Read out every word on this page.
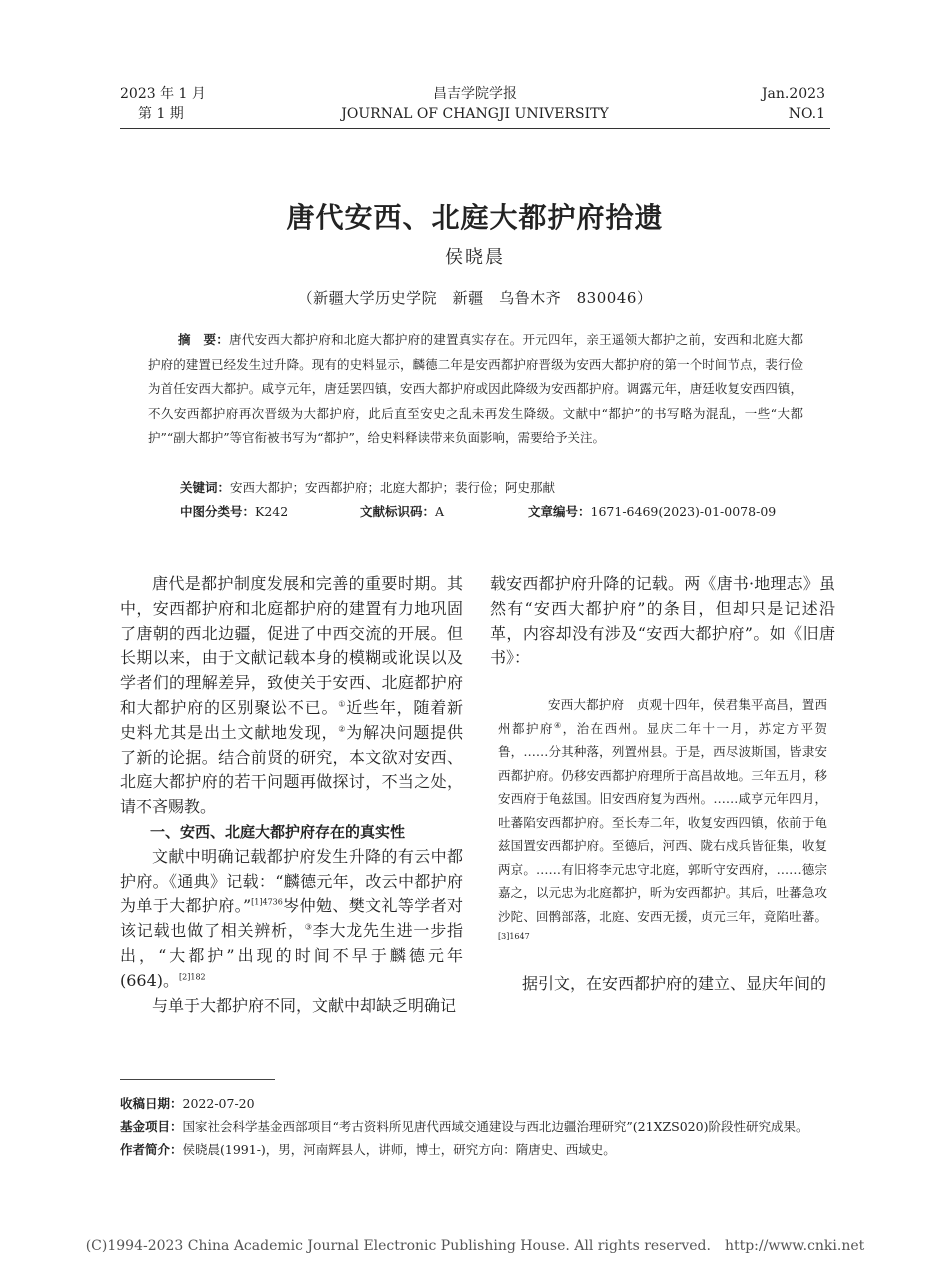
2023 年 1 月
第 1 期
昌吉学院学报
JOURNAL OF CHANGJI UNIVERSITY
Jan.2023
NO.1
唐代安西、北庭大都护府拾遗
侯晓晨
（新疆大学历史学院　新疆　乌鲁木齐　830046）
摘　要：唐代安西大都护府和北庭大都护府的建置真实存在。开元四年，亲王遥领大都护之前，安西和北庭大都护府的建置已经发生过升降。现有的史料显示，麟德二年是安西都护府晋级为安西大都护府的第一个时间节点，裴行俭为首任安西大都护。咸亨元年，唐廷罢四镇，安西大都护府或因此降级为安西都护府。调露元年，唐廷收复安西四镇，不久安西都护府再次晋级为大都护府，此后直至安史之乱未再发生降级。文献中“都护”的书写略为混乱，一些“大都护”“副大都护”等官衔被书写为“都护”，给史料释读带来负面影响，需要给予关注。
关键词：安西大都护；安西都护府；北庭大都护；裴行俭；阿史那献
中图分类号：K242	文献标识码：A	文章编号：1671-6469(2023)-01-0078-09

唐代是都护制度发展和完善的重要时期。其中，安西都护府和北庭都护府的建置有力地巩固了唐朝的西北边疆，促进了中西交流的开展。但长期以来，由于文献记载本身的模糊或讹误以及学者们的理解差异，致使关于安西、北庭都护府和大都护府的区别聚讼不已。①近些年，随着新史料尤其是出土文献地发现，②为解决问题提供了新的论据。结合前贤的研究，本文欲对安西、北庭大都护府的若干问题再做探讨，不当之处，请不吝赐教。

一、安西、北庭大都护府存在的真实性

文献中明确记载都护府发生升降的有云中都护府。《通典》记载：“麟德元年，改云中都护府为单于大都护府。”$^{[1]4736}$岑仲勉、樊文礼等学者对该记载也做了相关辨析，③李大龙先生进一步指出，“大都护”出现的时间不早于麟德元年(664)。$^{[2]182}$

与单于大都护府不同，文献中却缺乏明确记

载安西都护府升降的记载。两《唐书·地理志》虽然有“安西大都护府”的条目，但却只是记述沿革，内容却没有涉及“安西大都护府”。如《旧唐书》：

安西大都护府　贞观十四年，侯君集平高昌，置西州都护府④，治在西州。显庆二年十一月，苏定方平贺鲁，……分其种落，列置州县。于是，西尽波斯国，皆隶安西都护府。仍移安西都护府理所于高昌故地。三年五月，移安西府于龟兹国。旧安西府复为西州。……咸亨元年四月，吐蕃陷安西都护府。至长寿二年，收复安西四镇，依前于龟兹国置安西都护府。至德后，河西、陇右戍兵皆征集，收复两京。……有旧将李元忠守北庭，郭昕守安西府，……德宗嘉之，以元忠为北庭都护，昕为安西都护。其后，吐蕃急攻沙陀、回鹘部落，北庭、安西无援，贞元三年，竟陷吐蕃。$^{[3]1647}$

据引文，在安西都护府的建立、显庆年间的

收稿日期：2022-07-20
基金项目：国家社会科学基金西部项目“考古资料所见唐代西域交通建设与西北边疆治理研究”(21XZS020)阶段性研究成果。
作者简介：侯晓晨(1991-)，男，河南辉县人，讲师，博士，研究方向：隋唐史、西域史。
(C)1994-2023 China Academic Journal Electronic Publishing House. All rights reserved.　http://www.cnki.net
